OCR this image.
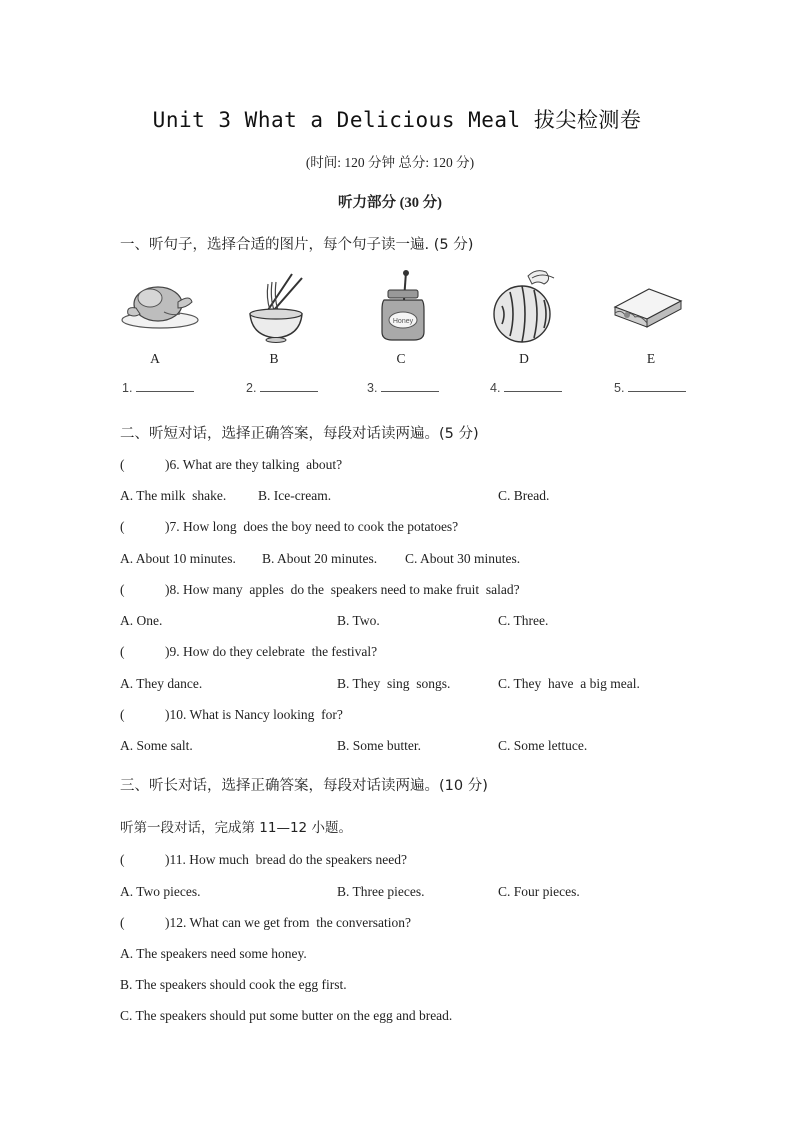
Unit 3 What a Delicious Meal 拔尖检测卷
(时间: 120 分钟 总分: 120 分)
听力部分 (30 分)
一、听句子，选择合适的图片，每个句子读一遍. (5 分)
Honey
A	B	C	D	E
1.	2.	3.	4.	5.
二、听短对话，选择正确答案，每段对话读两遍。(5 分)
(            )6. What are they talking  about?
A. The milk  shake. B. Ice-cream.	C. Bread.
(            )7. How long  does the boy need to cook the potatoes?
A. About 10 minutes. B. About 20 minutes. C. About 30 minutes.
(            )8. How many  apples  do the  speakers need to make fruit  salad?
A. One.	B. Two.	C. Three.
(            )9. How do they celebrate  the festival?
A. They dance.	B. They  sing  songs.	C. They  have  a big meal.
(            )10. What is Nancy looking  for?
A. Some salt.	B. Some butter.	C. Some lettuce.
三、听长对话，选择正确答案，每段对话读两遍。(10 分)
听第一段对话，完成第 11—12 小题。
(            )11. How much  bread do the speakers need?
A. Two pieces.	B. Three pieces.	C. Four pieces.
(            )12. What can we get from  the conversation?
A. The speakers need some honey.
B. The speakers should cook the egg first.
C. The speakers should put some butter on the egg and bread.
